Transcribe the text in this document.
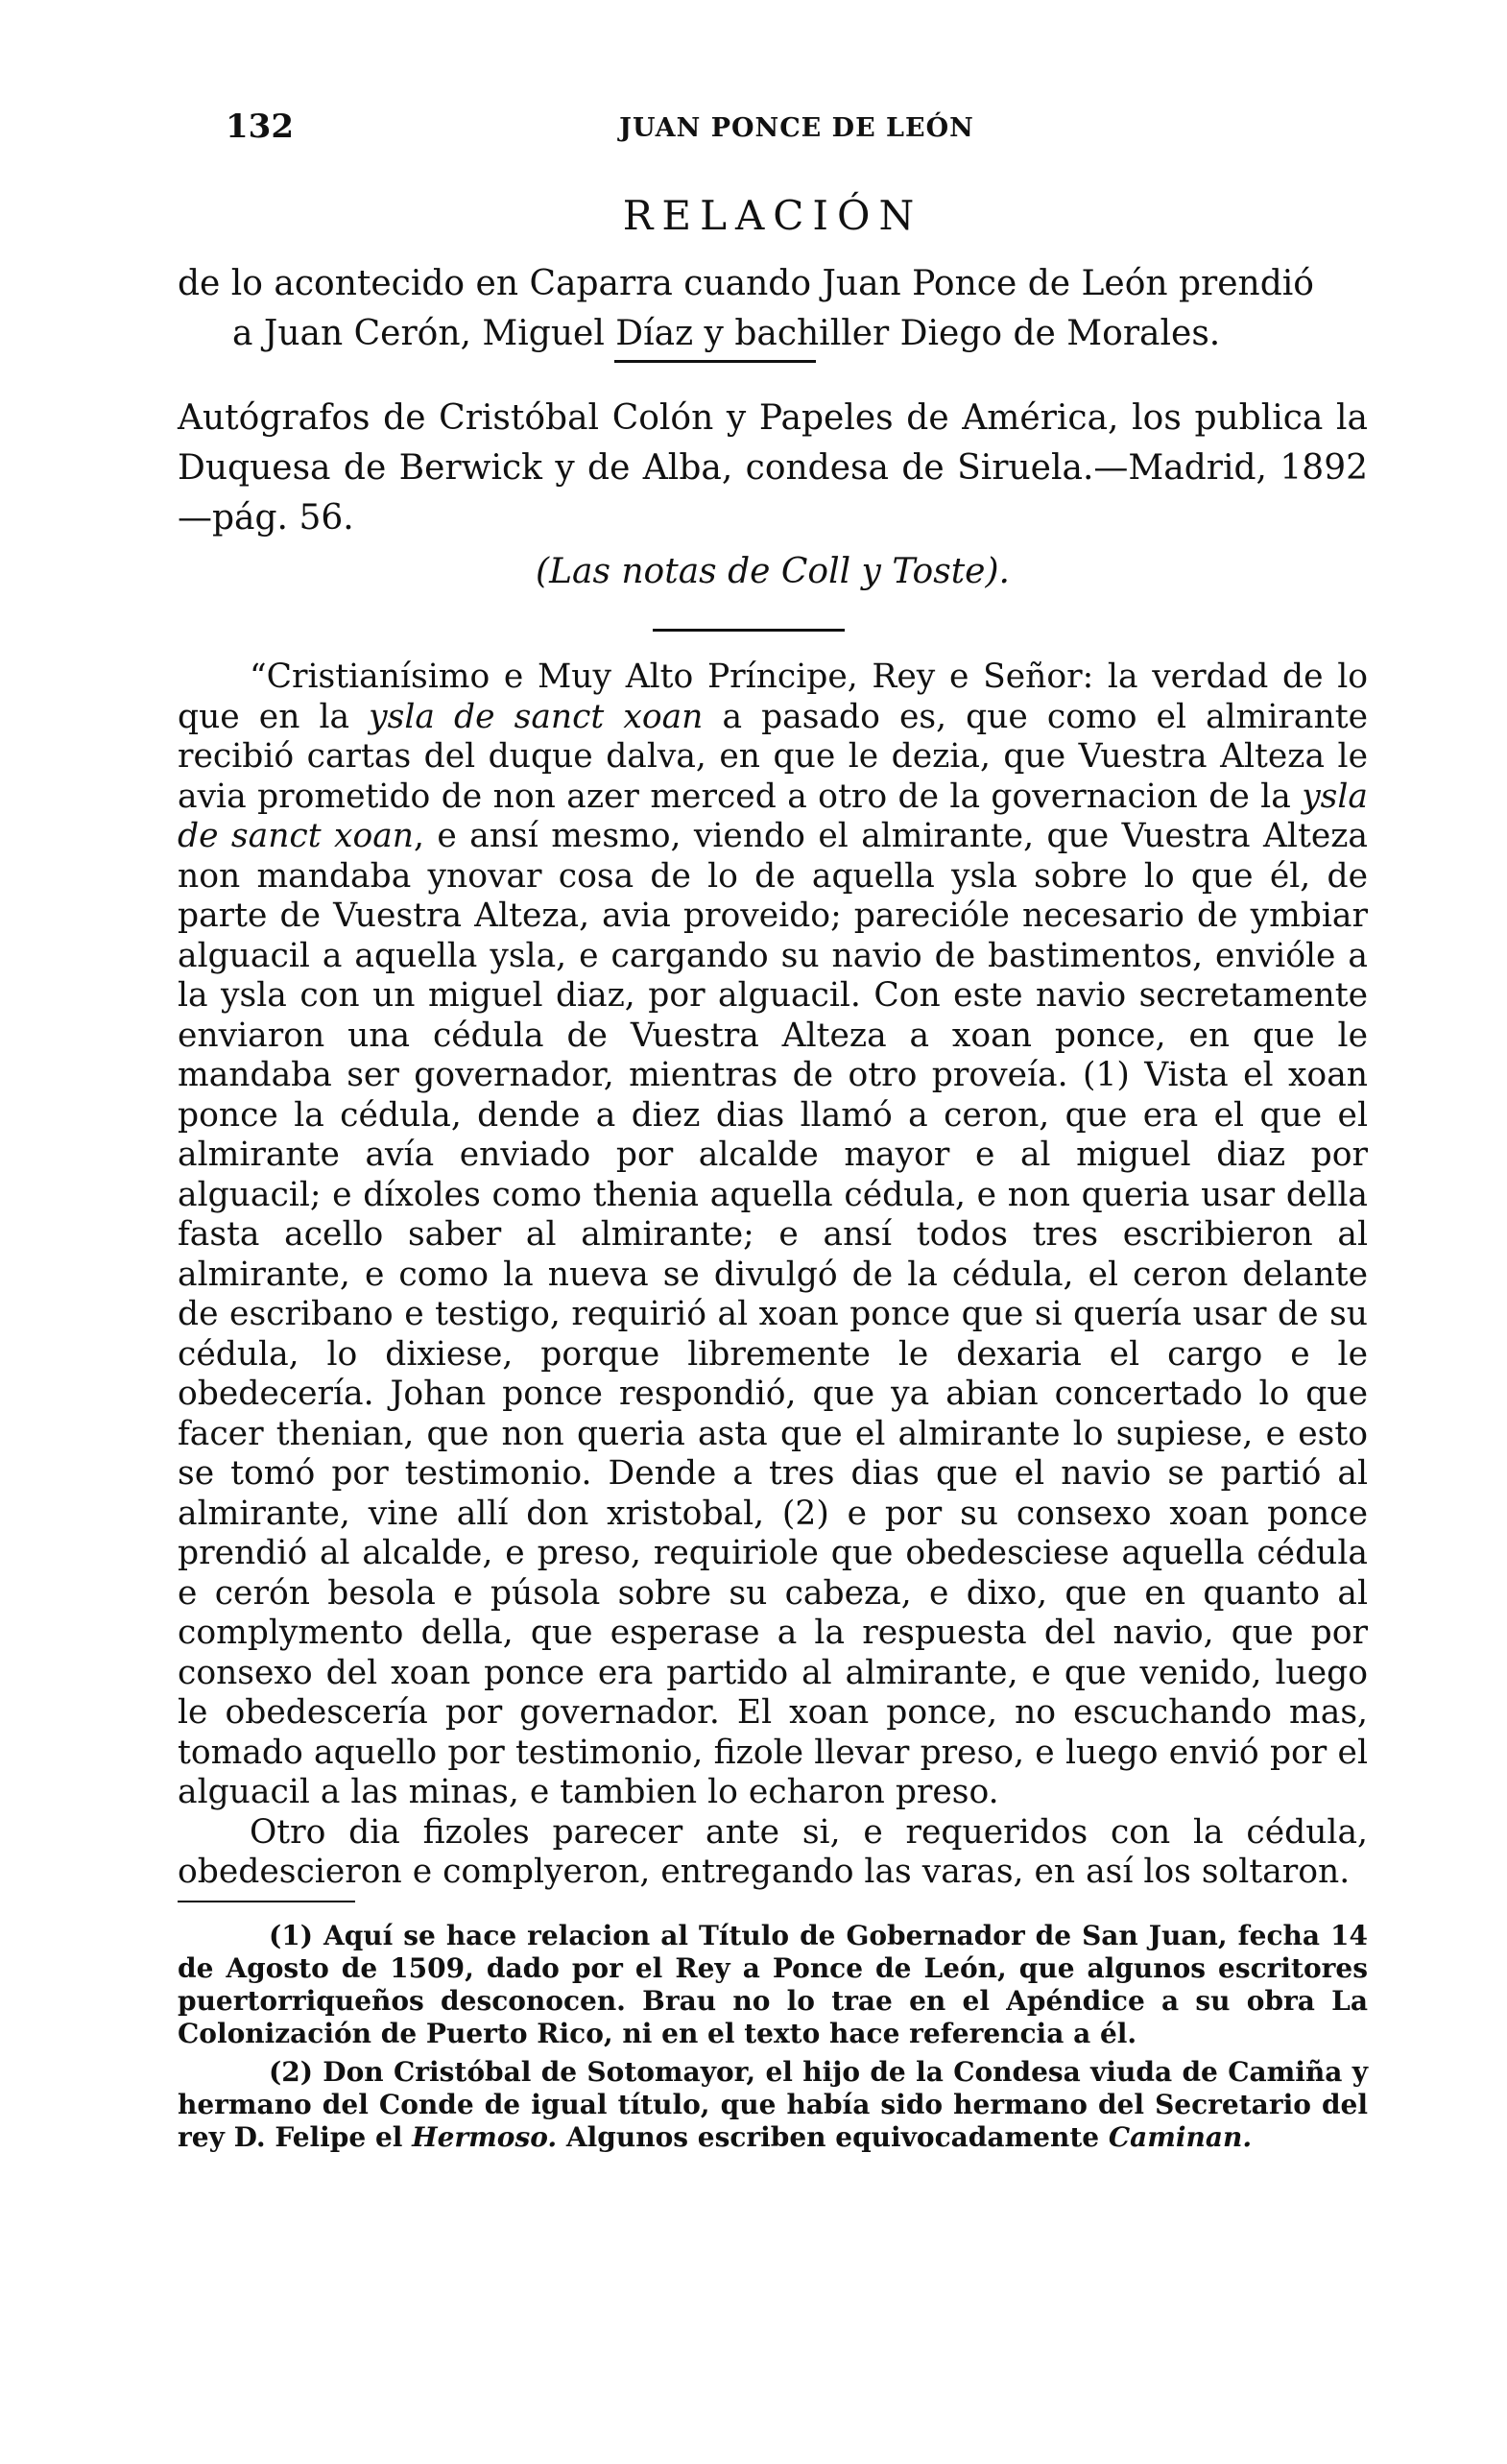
132	JUAN PONCE DE LEÓN
RELACIÓN
de lo acontecido en Caparra cuando Juan Ponce de León prendió
a Juan Cerón, Miguel Díaz y bachiller Diego de Morales.
Autógrafos de Cristóbal Colón y Papeles de América, los publica la Duquesa de Berwick y de Alba, condesa de Siruela.—Madrid, 1892—pág. 56.
(Las notas de Coll y Toste).

“Cristianísimo e Muy Alto Príncipe, Rey e Señor: la verdad de lo que en la ysla de sanct xoan a pasado es, que como el almirante recibió cartas del duque dalva, en que le dezia, que Vuestra Alteza le avia prometido de non azer merced a otro de la governacion de la ysla de sanct xoan, e ansí mesmo, viendo el almirante, que Vuestra Alteza non mandaba ynovar cosa de lo de aquella ysla sobre lo que él, de parte de Vuestra Alteza, avia proveido; parecióle necesario de ymbiar alguacil a aquella ysla, e cargando su navio de bastimentos, envióle a la ysla con un miguel diaz, por alguacil. Con este navio secretamente enviaron una cédula de Vuestra Alteza a xoan ponce, en que le mandaba ser governador, mientras de otro proveía. (1) Vista el xoan ponce la cédula, dende a diez dias llamó a ceron, que era el que el almirante avía enviado por alcalde mayor e al miguel diaz por alguacil; e díxoles como thenia aquella cédula, e non queria usar della fasta acello saber al almirante; e ansí todos tres escribieron al almirante, e como la nueva se divulgó de la cédula, el ceron delante de escribano e testigo, requirió al xoan ponce que si quería usar de su cédula, lo dixiese, porque libremente le dexaria el cargo e le obedecería. Johan ponce respondió, que ya abian concertado lo que facer thenian, que non queria asta que el almirante lo supiese, e esto se tomó por testimonio. Dende a tres dias que el navio se partió al almirante, vine allí don xristobal, (2) e por su consexo xoan ponce prendió al alcalde, e preso, requiriole que obedesciese aquella cédula e cerón besola e púsola sobre su cabeza, e dixo, que en quanto al complymento della, que esperase a la respuesta del navio, que por consexo del xoan ponce era partido al almirante, e que venido, luego le obedescería por governador. El xoan ponce, no escuchando mas, tomado aquello por testimonio, fizole llevar preso, e luego envió por el alguacil a las minas, e tambien lo echaron preso.

Otro dia fizoles parecer ante si, e requeridos con la cédula, obedescieron e complyeron, entregando las varas, en así los soltaron.

(1) Aquí se hace relacion al Título de Gobernador de San Juan, fecha 14 de Agosto de 1509, dado por el Rey a Ponce de León, que algunos escritores puertorriqueños desconocen. Brau no lo trae en el Apéndice a su obra La Colonización de Puerto Rico, ni en el texto hace referencia a él.

(2) Don Cristóbal de Sotomayor, el hijo de la Condesa viuda de Camiña y hermano del Conde de igual título, que había sido hermano del Secretario del rey D. Felipe el Hermoso. Algunos escriben equivocadamente Caminan.
